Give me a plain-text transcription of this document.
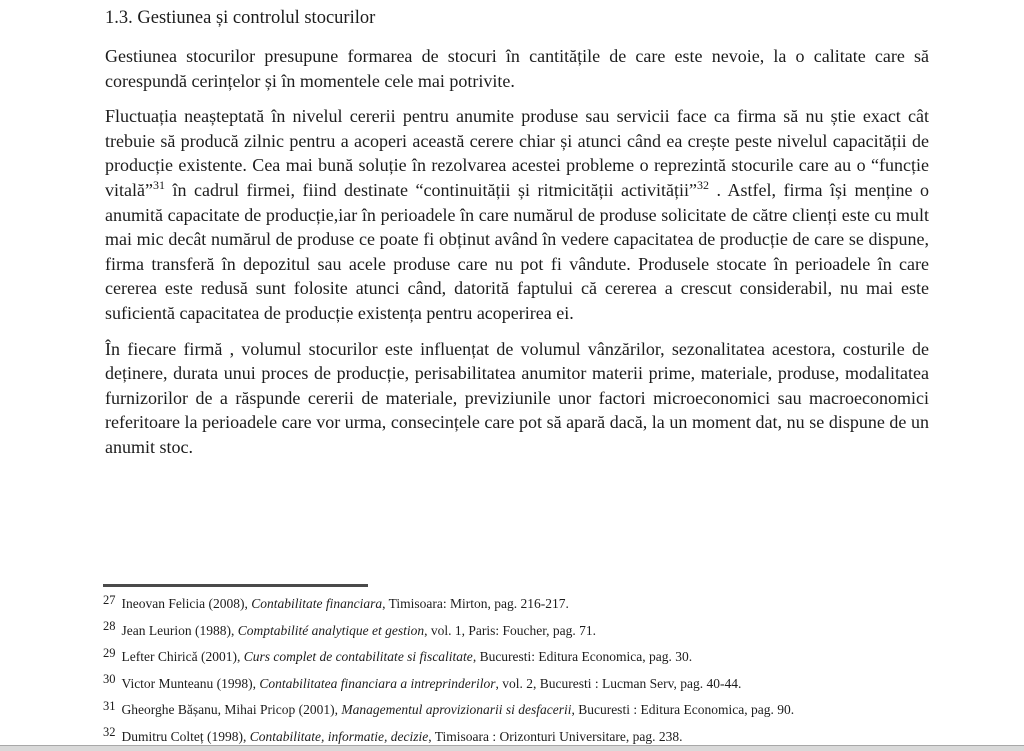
1.3. Gestiunea și controlul stocurilor

Gestiunea stocurilor presupune formarea de stocuri în cantitățile de care este nevoie, la o calitate care să corespundă cerințelor și în momentele cele mai potrivite.

Fluctuația neașteptată în nivelul cererii pentru anumite produse sau servicii face ca firma să nu știe exact cât trebuie să producă zilnic pentru a acoperi această cerere chiar și atunci când ea crește peste nivelul capacității de producție existente. Cea mai bună soluție în rezolvarea acestei probleme o reprezintă stocurile care au o “funcție vitală”$^{31}$ în cadrul firmei, fiind destinate “continuității și ritmicității activității”$^{32}$ . Astfel, firma își menține o anumită capacitate de producție,iar în perioadele în care numărul de produse solicitate de către clienți este cu mult mai mic decât numărul de produse ce poate fi obținut având în vedere capacitatea de producție de care se dispune, firma transferă în depozitul sau acele produse care nu pot fi vândute. Produsele stocate în perioadele în care cererea este redusă sunt folosite atunci când, datorită faptului că cererea a crescut considerabil, nu mai este suficientă capacitatea de producție existența pentru acoperirea ei.

În fiecare firmă , volumul stocurilor este influențat de volumul vânzărilor, sezonalitatea acestora, costurile de deținere, durata unui proces de producție, perisabilitatea anumitor materii prime, materiale, produse, modalitatea furnizorilor de a răspunde cererii de materiale, previziunile unor factori microeconomici sau macroeconomici referitoare la perioadele care vor urma, consecințele care pot să apară dacă, la un moment dat, nu se dispune de un anumit stoc.

$^{27}$ Ineovan Felicia (2008), Contabilitate financiara, Timisoara: Mirton, pag. 216-217.
$^{28}$ Jean Leurion (1988), Comptabilité analytique et gestion, vol. 1, Paris: Foucher, pag. 71.
$^{29}$ Lefter Chirică (2001), Curs complet de contabilitate si fiscalitate, Bucuresti: Editura Economica, pag. 30.
$^{30}$ Victor Munteanu (1998), Contabilitatea financiara a intreprinderilor, vol. 2, Bucuresti : Lucman Serv, pag. 40-44.
$^{31}$ Gheorghe Bășanu, Mihai Pricop (2001), Managementul aprovizionarii si desfacerii, Bucuresti : Editura Economica, pag. 90.
$^{32}$ Dumitru Colteț (1998), Contabilitate, informatie, decizie, Timisoara : Orizonturi Universitare, pag. 238.
